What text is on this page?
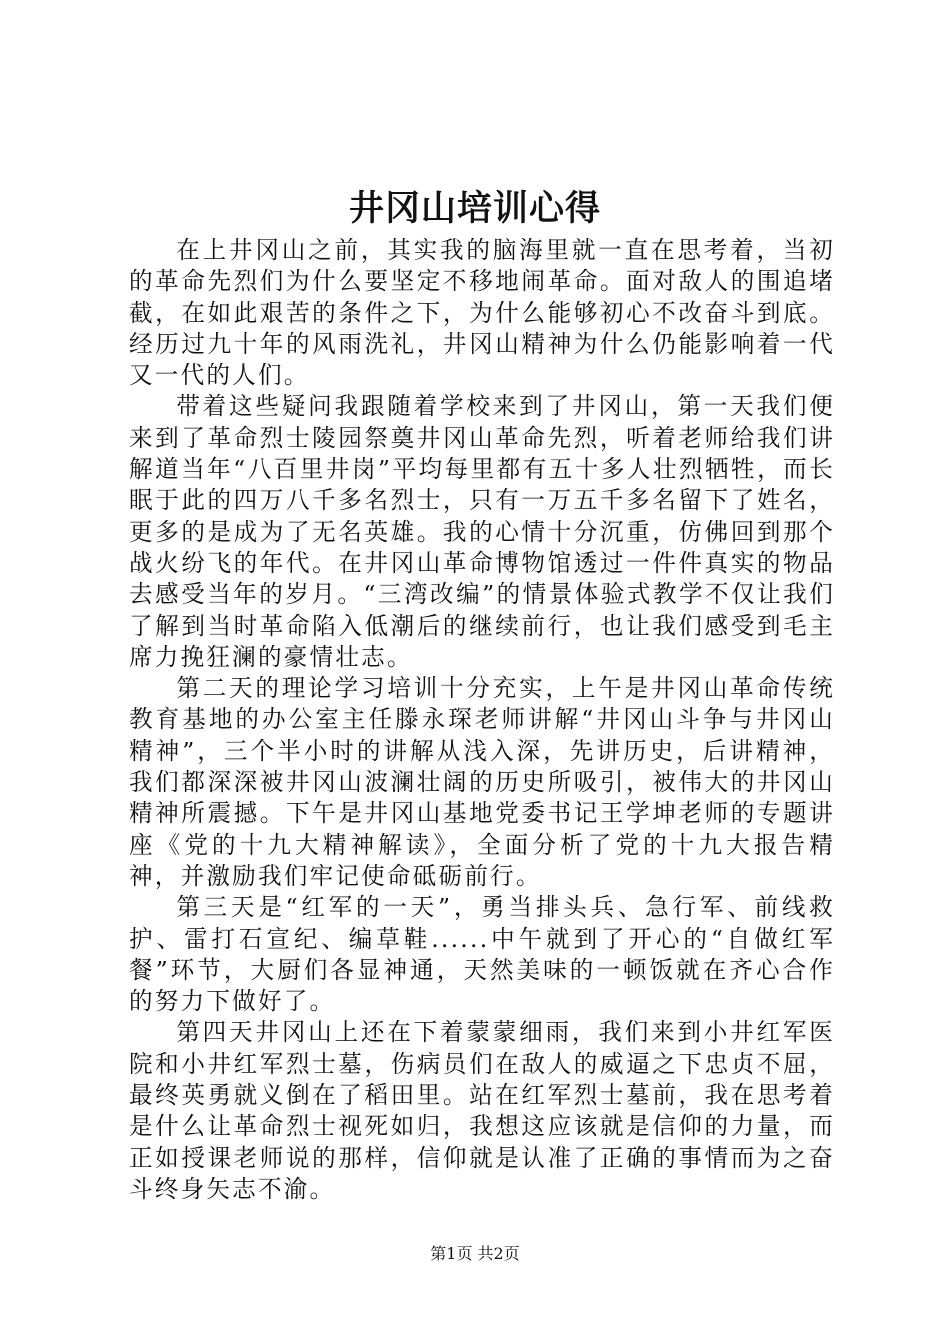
井冈山培训心得

在上井冈山之前，其实我的脑海里就一直在思考着，当初的革命先烈们为什么要坚定不移地闹革命。面对敌人的围追堵截，在如此艰苦的条件之下，为什么能够初心不改奋斗到底。经历过九十年的风雨洗礼，井冈山精神为什么仍能影响着一代又一代的人们。

带着这些疑问我跟随着学校来到了井冈山，第一天我们便来到了革命烈士陵园祭奠井冈山革命先烈，听着老师给我们讲解道当年“八百里井岗”平均每里都有五十多人壮烈牺牲，而长眠于此的四万八千多名烈士，只有一万五千多名留下了姓名，更多的是成为了无名英雄。我的心情十分沉重，仿佛回到那个战火纷飞的年代。在井冈山革命博物馆透过一件件真实的物品去感受当年的岁月。“三湾改编”的情景体验式教学不仅让我们了解到当时革命陷入低潮后的继续前行，也让我们感受到毛主席力挽狂澜的豪情壮志。

第二天的理论学习培训十分充实，上午是井冈山革命传统教育基地的办公室主任滕永琛老师讲解“井冈山斗争与井冈山精神”，三个半小时的讲解从浅入深，先讲历史，后讲精神，我们都深深被井冈山波澜壮阔的历史所吸引，被伟大的井冈山精神所震撼。下午是井冈山基地党委书记王学坤老师的专题讲座《党的十九大精神解读》，全面分析了党的十九大报告精神，并激励我们牢记使命砥砺前行。

第三天是“红军的一天”，勇当排头兵、急行军、前线救护、雷打石宣纪、编草鞋......中午就到了开心的“自做红军餐”环节，大厨们各显神通，天然美味的一顿饭就在齐心合作的努力下做好了。

第四天井冈山上还在下着蒙蒙细雨，我们来到小井红军医院和小井红军烈士墓，伤病员们在敌人的威逼之下忠贞不屈，最终英勇就义倒在了稻田里。站在红军烈士墓前，我在思考着是什么让革命烈士视死如归，我想这应该就是信仰的力量，而正如授课老师说的那样，信仰就是认准了正确的事情而为之奋斗终身矢志不渝。

第1页 共2页
